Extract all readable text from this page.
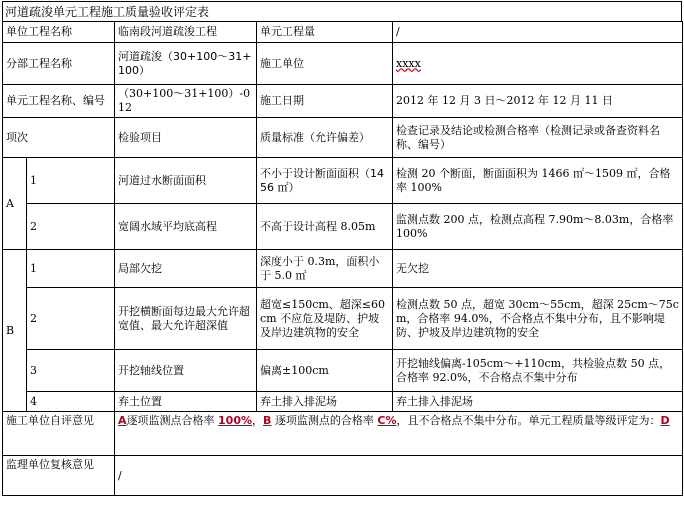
河道疏浚单元工程施工质量验收评定表
单位工程名称		临南段河道疏浚工程	单元工程量	/
分部工程名称		河道疏浚（30+100～31+100）	施工单位	xxxx
单元工程名称、编号		（30+100～31+100）-012	施工日期	2012 年 12 月 3 日～2012 年 12 月 11 日
项次		检验项目	质量标准（允许偏差）	检查记录及结论或检测合格率（检测记录或备查资料名称、编号）
A	1	河道过水断面面积	不小于设计断面面积（1456 ㎡）	检测 20 个断面，断面面积为 1466 ㎡～1509 ㎡，合格率 100%
	2	宽阔水域平均底高程	不高于设计高程 8.05m	监测点数 200 点，检测点高程 7.90m～8.03m，合格率 100%
B	1	局部欠挖	深度小于 0.3m，面积小于 5.0 ㎡	无欠挖
	2	开挖横断面每边最大允许超宽值、最大允许超深值	超宽≤150cm、超深≤60cm 不应危及堤防、护坡及岸边建筑物的安全	检测点数 50 点，超宽 30cm～55cm，超深 25cm～75cm，合格率 94.0%，不合格点不集中分布，且不影响堤防、护坡及岸边建筑物的安全
	3	开挖轴线位置	偏离±100cm	开挖轴线偏离-105cm～+110cm，共检验点数 50 点，合格率 92.0%，不合格点不集中分布
	4	弃土位置	弃土排入排泥场	弃土排入排泥场
施工单位自评意见		A逐项监测点合格率 100%，B 逐项监测点的合格率 C%，且不合格点不集中分布。单元工程质量等级评定为：D		
监理单位复核意见		/		
